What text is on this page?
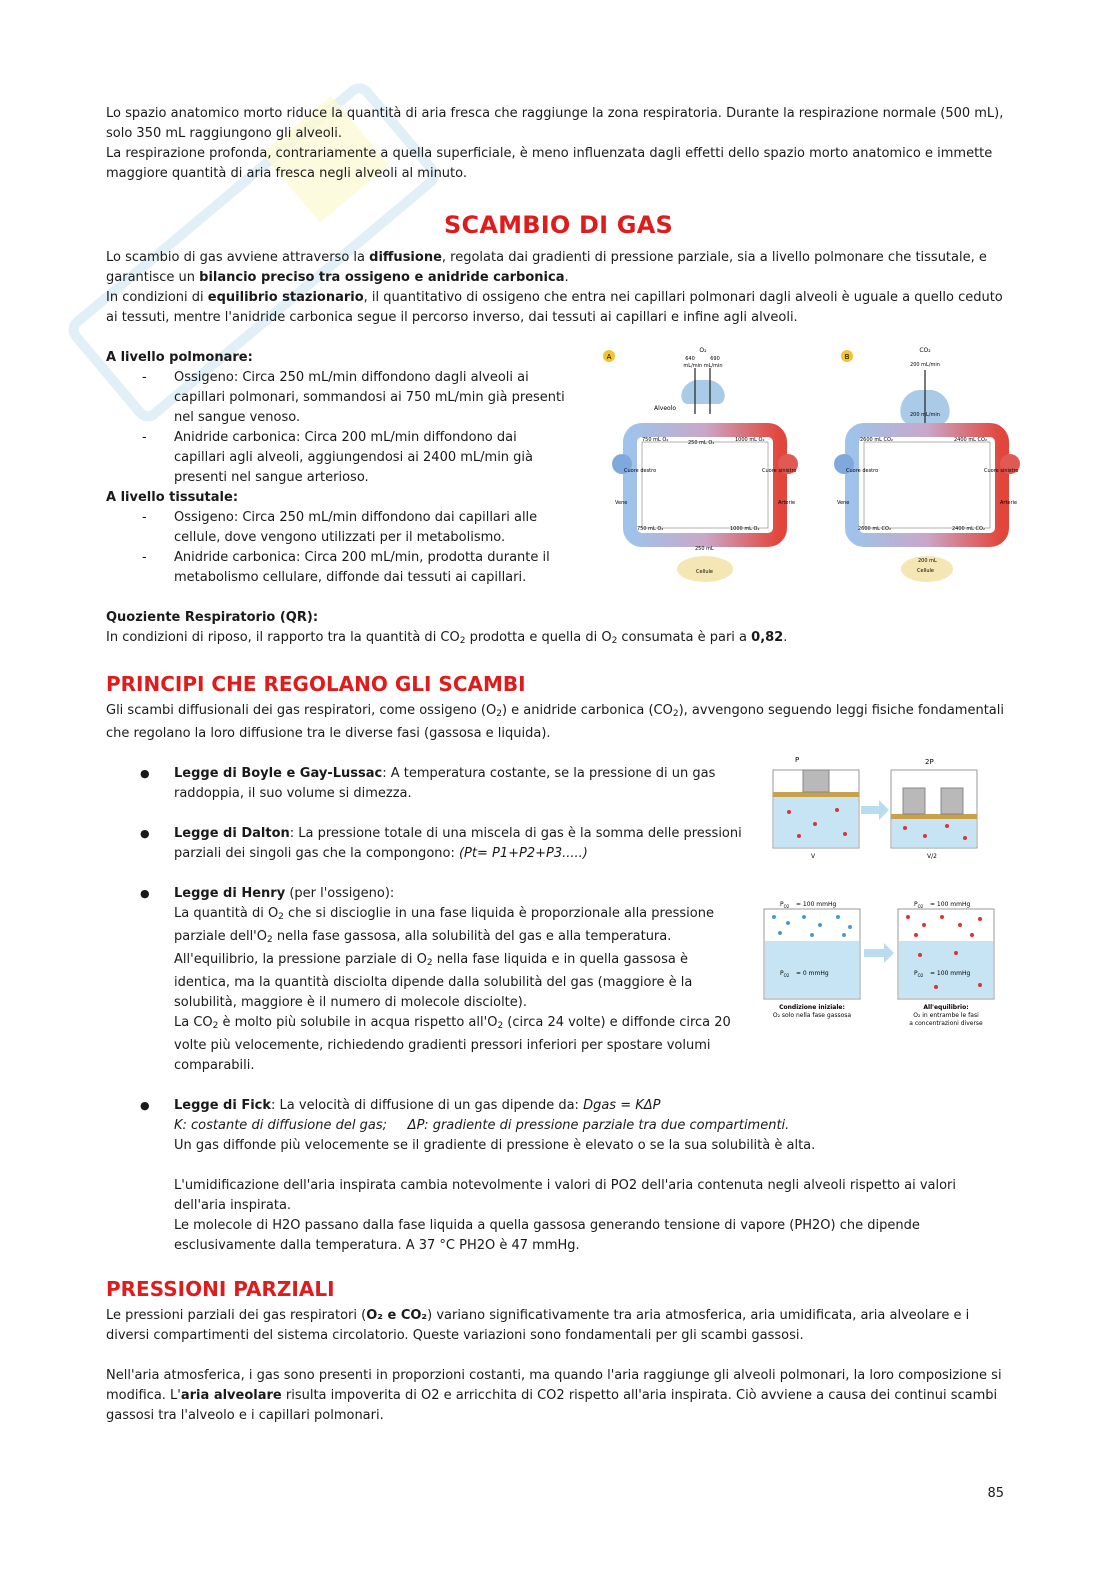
Lo spazio anatomico morto riduce la quantità di aria fresca che raggiunge la zona respiratoria. Durante la respirazione normale (500 mL), solo 350 mL raggiungono gli alveoli.

La respirazione profonda, contrariamente a quella superficiale, è meno influenzata dagli effetti dello spazio morto anatomico e immette maggiore quantità di aria fresca negli alveoli al minuto.

SCAMBIO DI GAS

Lo scambio di gas avviene attraverso la diffusione, regolata dai gradienti di pressione parziale, sia a livello polmonare che tissutale, e garantisce un bilancio preciso tra ossigeno e anidride carbonica.

In condizioni di equilibrio stazionario, il quantitativo di ossigeno che entra nei capillari polmonari dagli alveoli è uguale a quello ceduto ai tessuti, mentre l'anidride carbonica segue il percorso inverso, dai tessuti ai capillari e infine agli alveoli.

A livello polmonare:

- Ossigeno: Circa 250 mL/min diffondono dagli alveoli ai capillari polmonari, sommandosi ai 750 mL/min già presenti nel sangue venoso.
- Anidride carbonica: Circa 200 mL/min diffondono dai capillari agli alveoli, aggiungendosi ai 2400 mL/min già presenti nel sangue arterioso.

A livello tissutale:

- Ossigeno: Circa 250 mL/min diffondono dai capillari alle cellule, dove vengono utilizzati per il metabolismo.
- Anidride carbonica: Circa 200 mL/min, prodotta durante il metabolismo cellulare, diffonde dai tessuti ai capillari.

Quoziente Respiratorio (QR):

In condizioni di riposo, il rapporto tra la quantità di $CO_2$ prodotta e quella di $O_2$ consumata è pari a 0,82.

PRINCIPI CHE REGOLANO GLI SCAMBI

Gli scambi diffusionali dei gas respiratori, come ossigeno $(O_2)$ e anidride carbonica $(CO_2)$, avvengono seguendo leggi fisiche fondamentali che regolano la loro diffusione tra le diverse fasi (gassosa e liquida).

● Legge di Boyle e Gay-Lussac: A temperatura costante, se la pressione di un gas raddoppia, il suo volume si dimezza.
● Legge di Dalton: La pressione totale di una miscela di gas è la somma delle pressioni parziali dei singoli gas che la compongono: (Pt= P1+P2+P3.....)
● Legge di Henry (per l'ossigeno):
La quantità di $O_2$ che si discioglie in una fase liquida è proporzionale alla pressione parziale $dell'O_2$ nella fase gassosa, alla solubilità del gas e alla temperatura.
All'equilibrio, la pressione parziale di $O_2$ nella fase liquida e in quella gassosa è identica, ma la quantità disciolta dipende dalla solubilità del gas (maggiore è la solubilità, maggiore è il numero di molecole disciolte).
La $CO_2$ è molto più solubile in acqua rispetto $all'O_2$ (circa 24 volte) e diffonde circa 20 volte più velocemente, richiedendo gradienti pressori inferiori per spostare volumi comparabili.
● Legge di Fick: La velocità di diffusione di un gas dipende da: Dgas = KΔP
K: costante di diffusione del gas; ΔP: gradiente di pressione parziale tra due compartimenti.
Un gas diffonde più velocemente se il gradiente di pressione è elevato o se la sua solubilità è alta.
L'umidificazione dell'aria inspirata cambia notevolmente i valori di PO2 dell'aria contenuta negli alveoli rispetto ai valori dell'aria inspirata.
Le molecole di H2O passano dalla fase liquida a quella gassosa generando tensione di vapore (PH2O) che dipende esclusivamente dalla temperatura. A 37 °C PH2O è 47 mmHg.
PRESSIONI PARZIALI

Le pressioni parziali dei gas respiratori (O₂ e CO₂) variano significativamente tra aria atmosferica, aria umidificata, aria alveolare e i diversi compartimenti del sistema circolatorio. Queste variazioni sono fondamentali per gli scambi gassosi.

Nell'aria atmosferica, i gas sono presenti in proporzioni costanti, ma quando l'aria raggiunge gli alveoli polmonari, la loro composizione si modifica. L'aria alveolare risulta impoverita di O2 e arricchita di CO2 rispetto all'aria inspirata. Ciò avviene a causa dei continui scambi gassosi tra l'alveolo e i capillari polmonari.

A
O₂
640	690
mL/min mL/min
Alveolo
750 mL O₂	250 mL O₂	1000 mL O₂
750 mL O₂	1000 mL O₂
Cuore destro	Cuore sinistro
Vene	Arterie
250 mL
Cellule
B
CO₂
200 mL/min
200 mL/min
2600 mL CO₂	2400 mL CO₂
2600 mL CO₂	2400 mL CO₂
Cuore destro	Cuore sinistro
Vene	Arterie
200 mL
Cellule
P	2P
V	V/2
$P_{O2} = 100$ mmHg
$P_{O2} = 0$ mmHg
$P_{O2} = 100$ mmHg
$P_{O2} = 100$ mmHg
Condizione iniziale:
O₂ solo nella fase gassosa
All'equilibrio:
O₂ in entrambe le fasi
a concentrazioni diverse
85
